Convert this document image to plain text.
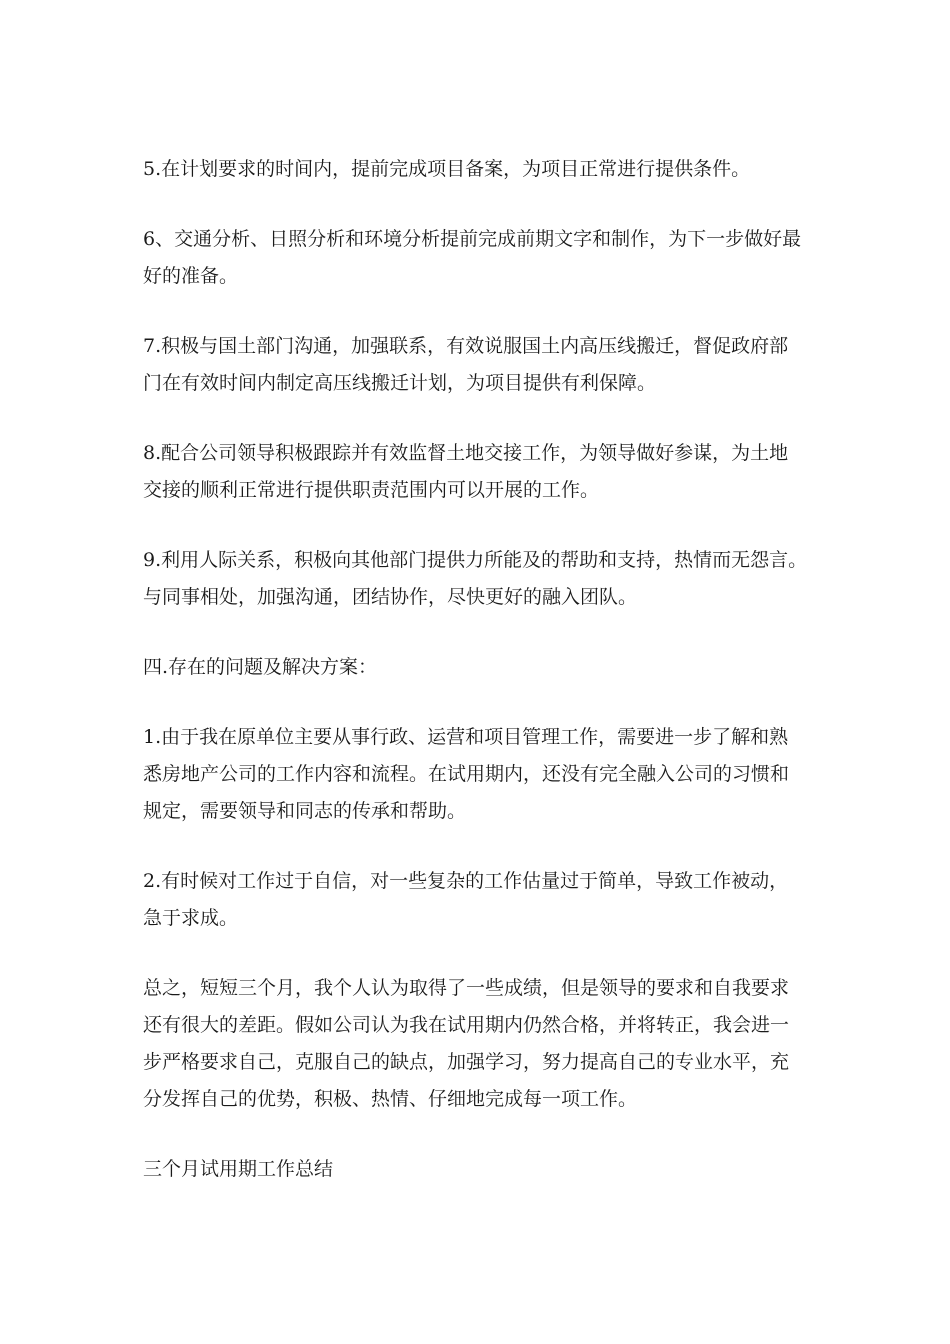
5.在计划要求的时间内，提前完成项目备案，为项目正常进行提供条件。

6、交通分析、日照分析和环境分析提前完成前期文字和制作，为下一步做好最
好的准备。

7.积极与国土部门沟通，加强联系，有效说服国土内高压线搬迁，督促政府部
门在有效时间内制定高压线搬迁计划，为项目提供有利保障。

8.配合公司领导积极跟踪并有效监督土地交接工作，为领导做好参谋，为土地
交接的顺利正常进行提供职责范围内可以开展的工作。

9.利用人际关系，积极向其他部门提供力所能及的帮助和支持，热情而无怨言。
与同事相处，加强沟通，团结协作，尽快更好的融入团队。

四.存在的问题及解决方案：

1.由于我在原单位主要从事行政、运营和项目管理工作，需要进一步了解和熟
悉房地产公司的工作内容和流程。在试用期内，还没有完全融入公司的习惯和
规定，需要领导和同志的传承和帮助。

2.有时候对工作过于自信，对一些复杂的工作估量过于简单，导致工作被动，
急于求成。

总之，短短三个月，我个人认为取得了一些成绩，但是领导的要求和自我要求
还有很大的差距。假如公司认为我在试用期内仍然合格，并将转正，我会进一
步严格要求自己，克服自己的缺点，加强学习，努力提高自己的专业水平，充
分发挥自己的优势，积极、热情、仔细地完成每一项工作。

三个月试用期工作总结
